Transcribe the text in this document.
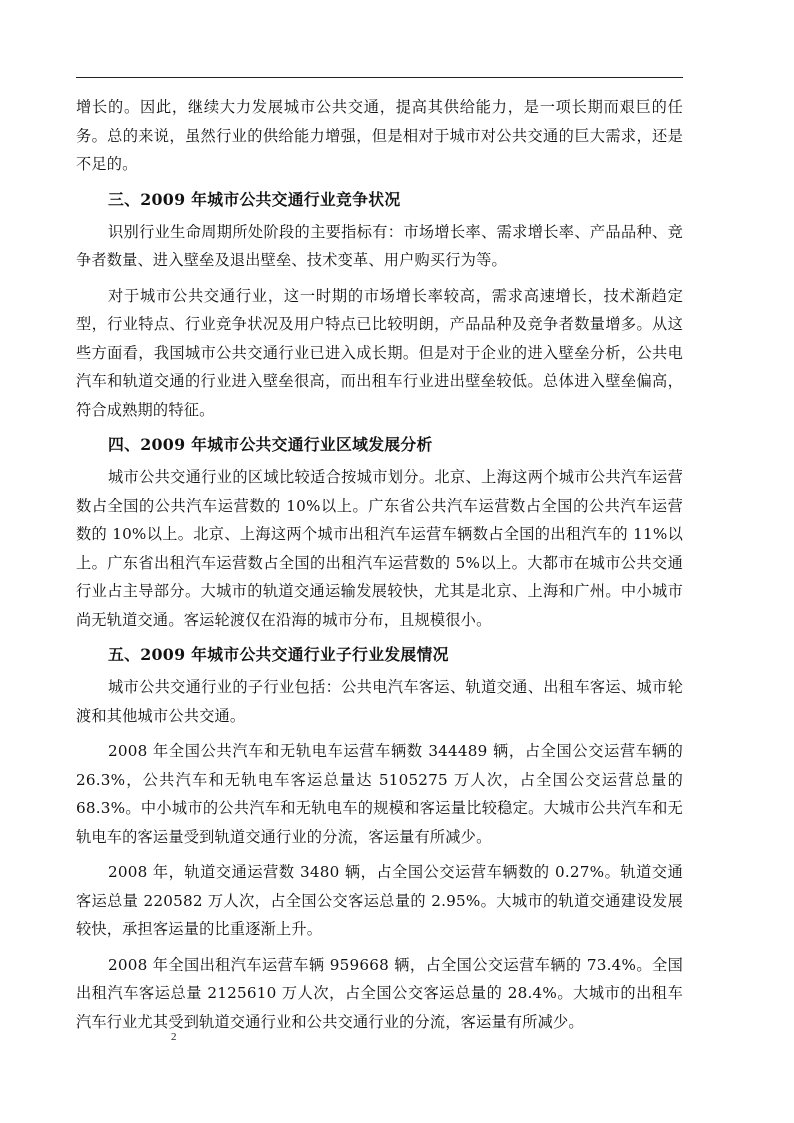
增长的。因此，继续大力发展城市公共交通，提高其供给能力，是一项长期而艰巨的任务。总的来说，虽然行业的供给能力增强，但是相对于城市对公共交通的巨大需求，还是不足的。

三、2009 年城市公共交通行业竞争状况

识别行业生命周期所处阶段的主要指标有：市场增长率、需求增长率、产品品种、竞争者数量、进入壁垒及退出壁垒、技术变革、用户购买行为等。

对于城市公共交通行业，这一时期的市场增长率较高，需求高速增长，技术渐趋定型，行业特点、行业竞争状况及用户特点已比较明朗，产品品种及竞争者数量增多。从这些方面看，我国城市公共交通行业已进入成长期。但是对于企业的进入壁垒分析，公共电汽车和轨道交通的行业进入壁垒很高，而出租车行业进出壁垒较低。总体进入壁垒偏高，符合成熟期的特征。

四、2009 年城市公共交通行业区域发展分析

城市公共交通行业的区域比较适合按城市划分。北京、上海这两个城市公共汽车运营数占全国的公共汽车运营数的 10%以上。广东省公共汽车运营数占全国的公共汽车运营数的 10%以上。北京、上海这两个城市出租汽车运营车辆数占全国的出租汽车的 11%以上。广东省出租汽车运营数占全国的出租汽车运营数的 5%以上。大都市在城市公共交通行业占主导部分。大城市的轨道交通运输发展较快，尤其是北京、上海和广州。中小城市尚无轨道交通。客运轮渡仅在沿海的城市分布，且规模很小。

五、2009 年城市公共交通行业子行业发展情况

城市公共交通行业的子行业包括：公共电汽车客运、轨道交通、出租车客运、城市轮渡和其他城市公共交通。

2008 年全国公共汽车和无轨电车运营车辆数 344489 辆，占全国公交运营车辆的 26.3%，公共汽车和无轨电车客运总量达 5105275 万人次，占全国公交运营总量的 68.3%。中小城市的公共汽车和无轨电车的规模和客运量比较稳定。大城市公共汽车和无轨电车的客运量受到轨道交通行业的分流，客运量有所减少。

2008 年，轨道交通运营数 3480 辆，占全国公交运营车辆数的 0.27%。轨道交通客运总量 220582 万人次，占全国公交客运总量的 2.95%。大城市的轨道交通建设发展较快，承担客运量的比重逐渐上升。

2008 年全国出租汽车运营车辆 959668 辆，占全国公交运营车辆的 73.4%。全国出租汽车客运总量 2125610 万人次，占全国公交客运总量的 28.4%。大城市的出租车汽车行业尤其受到轨道交通行业和公共交通行业的分流，客运量有所减少。

2
